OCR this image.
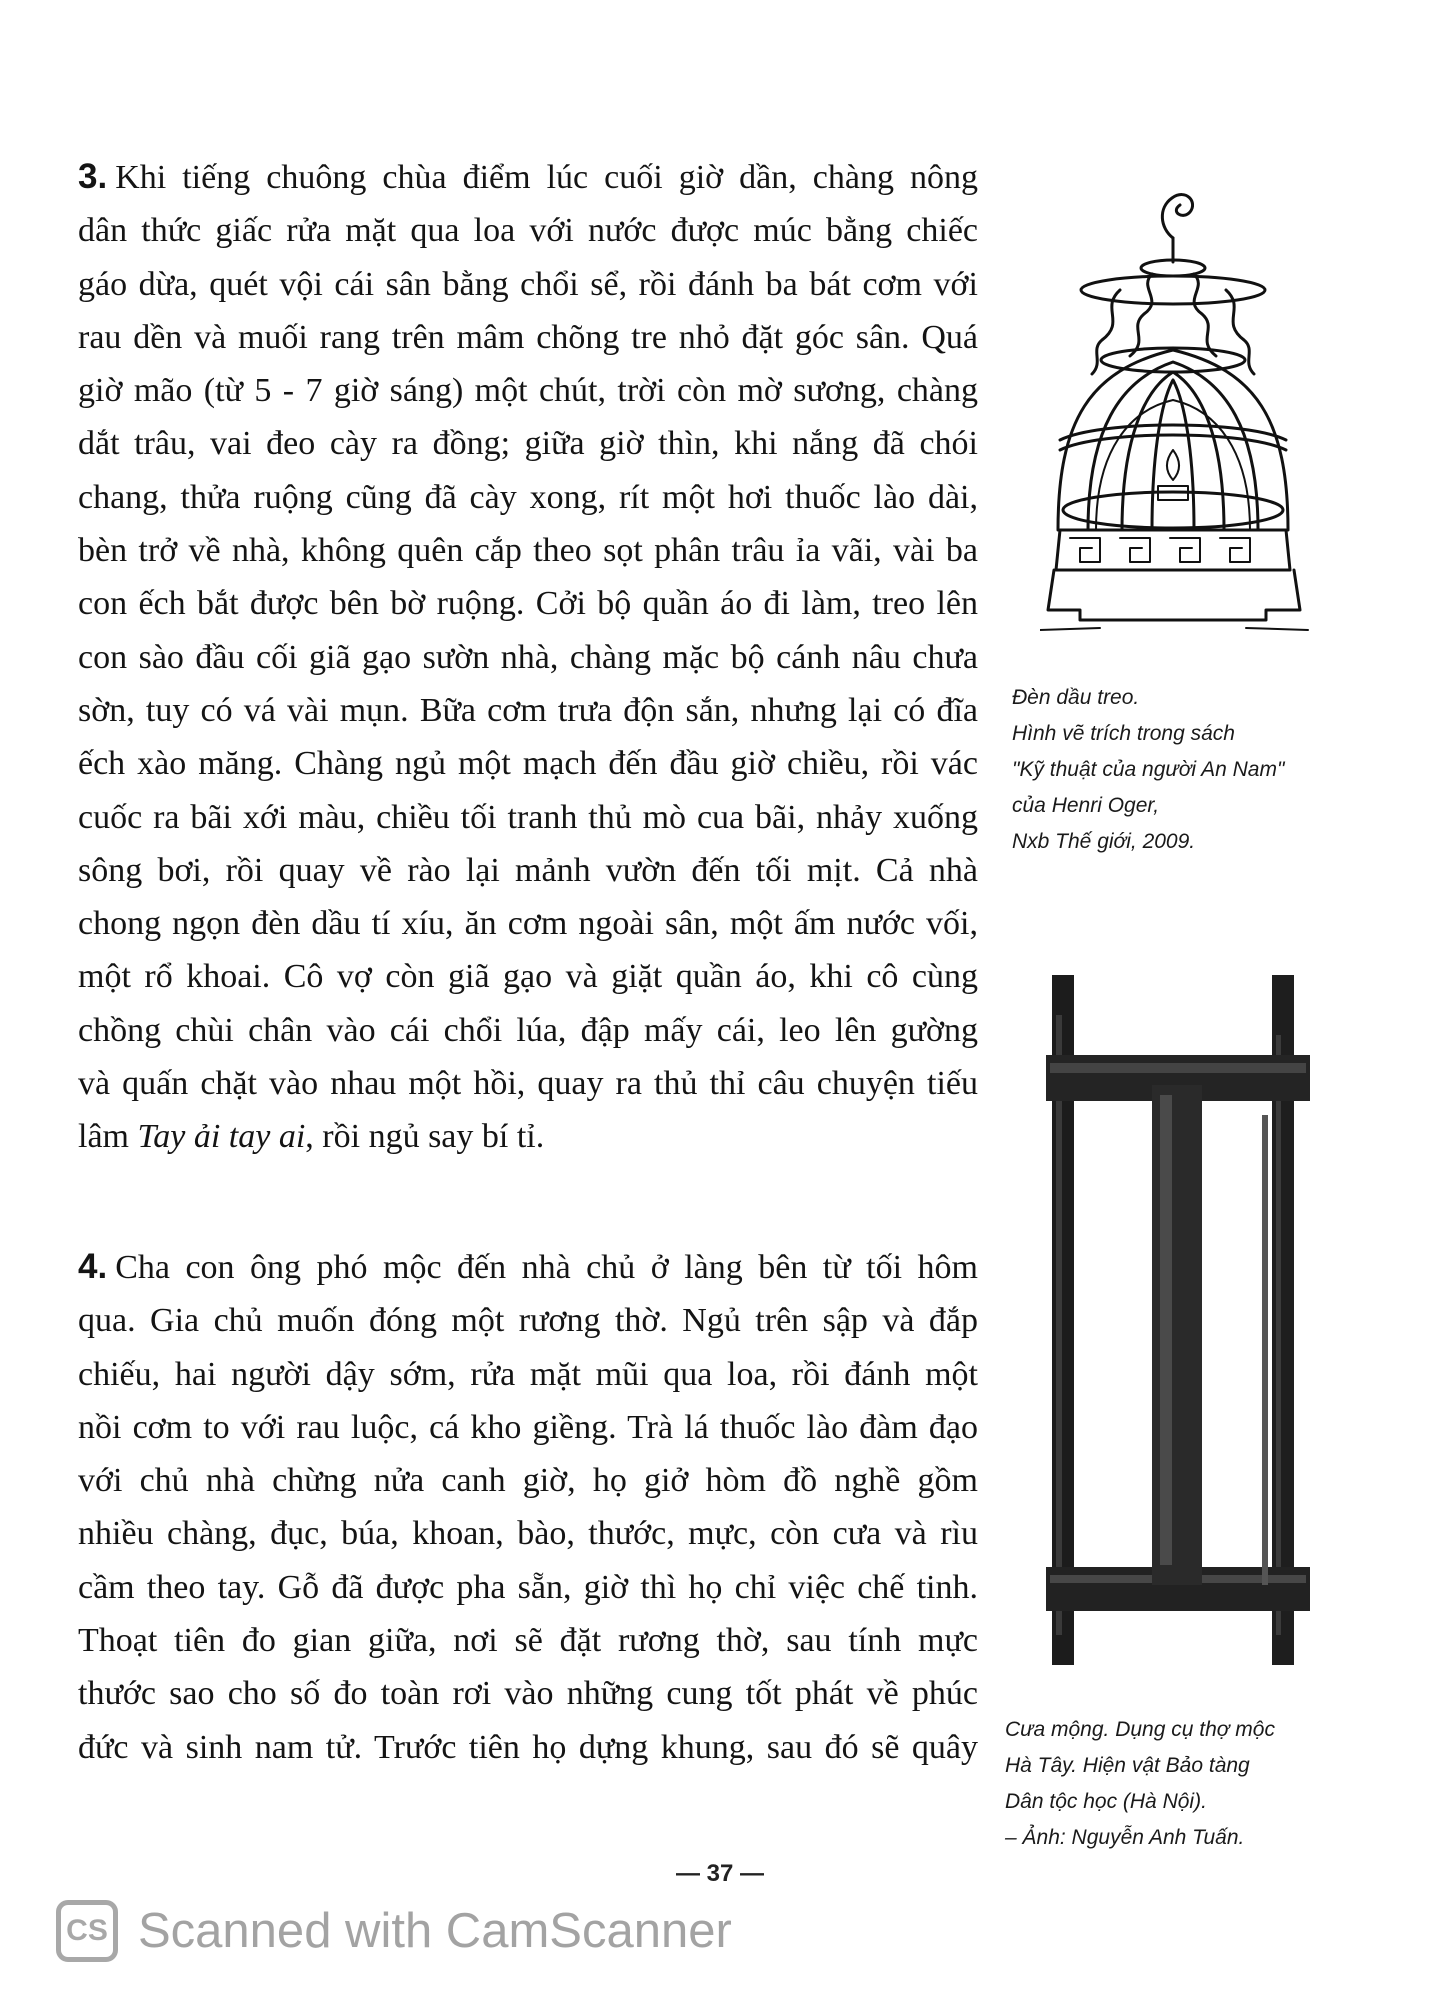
3. Khi tiếng chuông chùa điểm lúc cuối giờ dần, chàng nông
dân thức giấc rửa mặt qua loa với nước được múc bằng chiếc
gáo dừa, quét vội cái sân bằng chổi sể, rồi đánh ba bát cơm với
rau dền và muối rang trên mâm chõng tre nhỏ đặt góc sân. Quá
giờ mão (từ 5 - 7 giờ sáng) một chút, trời còn mờ sương, chàng
dắt trâu, vai đeo cày ra đồng; giữa giờ thìn, khi nắng đã chói
chang, thửa ruộng cũng đã cày xong, rít một hơi thuốc lào dài,
bèn trở về nhà, không quên cắp theo sọt phân trâu ỉa vãi, vài ba
con ếch bắt được bên bờ ruộng. Cởi bộ quần áo đi làm, treo lên
con sào đầu cối giã gạo sườn nhà, chàng mặc bộ cánh nâu chưa
sờn, tuy có vá vài mụn. Bữa cơm trưa độn sắn, nhưng lại có đĩa
ếch xào măng. Chàng ngủ một mạch đến đầu giờ chiều, rồi vác
cuốc ra bãi xới màu, chiều tối tranh thủ mò cua bãi, nhảy xuống
sông bơi, rồi quay về rào lại mảnh vườn đến tối mịt. Cả nhà
chong ngọn đèn dầu tí xíu, ăn cơm ngoài sân, một ấm nước vối,
một rổ khoai. Cô vợ còn giã gạo và giặt quần áo, khi cô cùng
chồng chùi chân vào cái chổi lúa, đập mấy cái, leo lên gường
và quấn chặt vào nhau một hồi, quay ra thủ thỉ câu chuyện tiếu
lâm Tay ải tay ai, rồi ngủ say bí tỉ.
4. Cha con ông phó mộc đến nhà chủ ở làng bên từ tối hôm
qua. Gia chủ muốn đóng một rương thờ. Ngủ trên sập và đắp
chiếu, hai người dậy sớm, rửa mặt mũi qua loa, rồi đánh một
nồi cơm to với rau luộc, cá kho giềng. Trà lá thuốc lào đàm đạo
với chủ nhà chừng nửa canh giờ, họ giở hòm đồ nghề gồm
nhiều chàng, đục, búa, khoan, bào, thước, mực, còn cưa và rìu
cầm theo tay. Gỗ đã được pha sẵn, giờ thì họ chỉ việc chế tinh.
Thoạt tiên đo gian giữa, nơi sẽ đặt rương thờ, sau tính mực
thước sao cho số đo toàn rơi vào những cung tốt phát về phúc
đức và sinh nam tử. Trước tiên họ dựng khung, sau đó sẽ quây
Đèn dầu treo.
Hình vẽ trích trong sách
"Kỹ thuật của người An Nam"
của Henri Oger,
Nxb Thế giới, 2009.
Cưa mộng. Dụng cụ thợ mộc
Hà Tây. Hiện vật Bảo tàng
Dân tộc học (Hà Nội).
– Ảnh: Nguyễn Anh Tuấn.
— 37 —
CS Scanned with CamScanner
